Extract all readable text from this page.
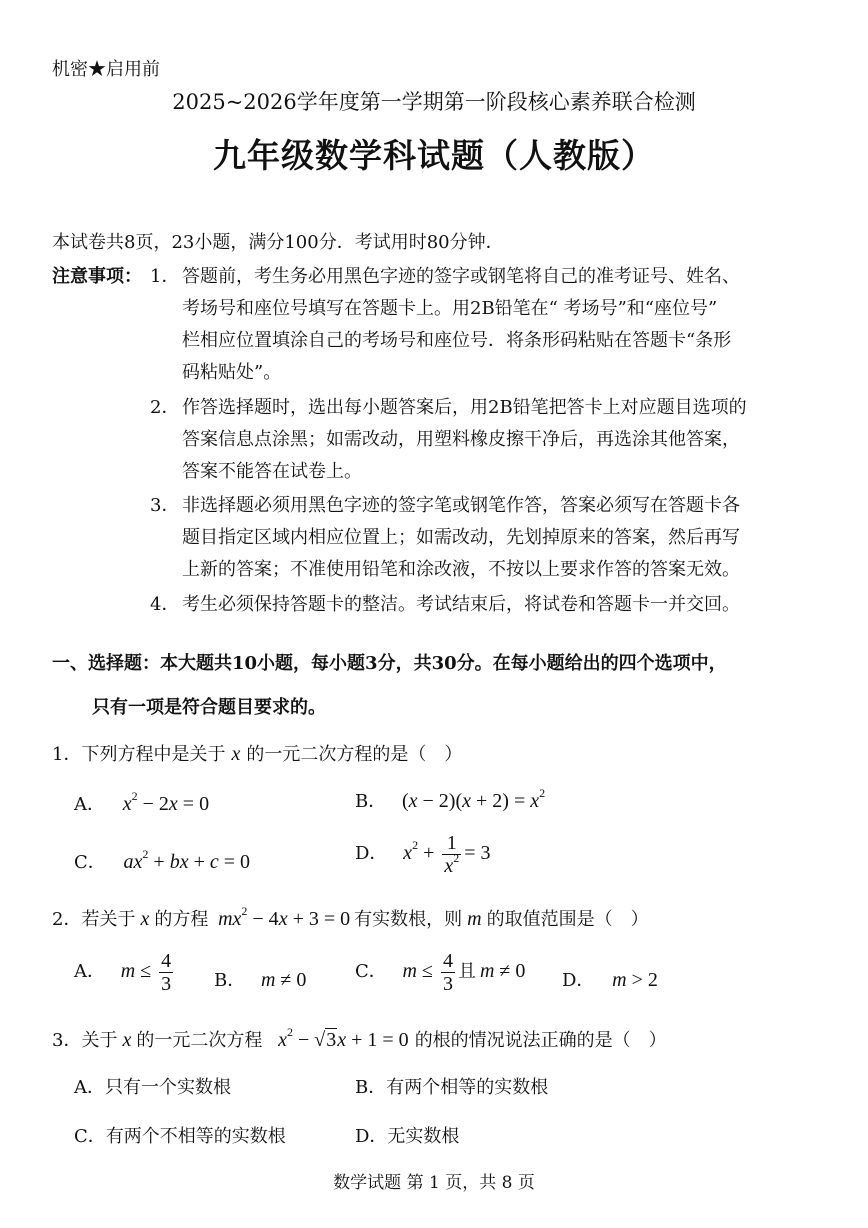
机密★启用前
2025~2026学年度第一学期第一阶段核心素养联合检测
九年级数学科试题（人教版）
本试卷共8页，23小题，满分100分．考试用时80分钟．
注意事项： 1． 答题前，考生务必用黑色字迹的签字或钢笔将自己的准考证号、姓名、
考场号和座位号填写在答题卡上。用2B铅笔在“ 考场号”和“座位号”
栏相应位置填涂自己的考场号和座位号．将条形码粘贴在答题卡“条形
码粘贴处”。
2． 作答选择题时，选出每小题答案后，用2B铅笔把答卡上对应题目选项的
答案信息点涂黑；如需改动，用塑料橡皮擦干净后，再选涂其他答案，
答案不能答在试卷上。
3． 非选择题必须用黑色字迹的签字笔或钢笔作答，答案必须写在答题卡各
题目指定区域内相应位置上；如需改动，先划掉原来的答案，然后再写
上新的答案；不准使用铅笔和涂改液，不按以上要求作答的答案无效。
4． 考生必须保持答题卡的整洁。考试结束后，将试卷和答题卡一并交回。
一、选择题：本大题共10小题，每小题3分，共30分。在每小题给出的四个选项中，
只有一项是符合题目要求的。
1．下列方程中是关于 x 的一元二次方程的是（　）
A． $x^2 - 2x = 0$	B． $(x - 2)(x + 2) = x^2$
C． $ax^2$ + bx + c = 0	D． $x^2 + \frac{1}{x^2} = 3$
2．若关于 x 的方程 $mx^2 - 4x + 3 = 0$ 有实数根，则 m 的取值范围是（　）
A． $m \le \frac{4}{3}$ B． m ≠ 0	C． $m \le \frac{4}{3}$ 且 m ≠ 0 D． m > 2
3．关于 x 的一元二次方程 $x^2 - √3x + 1 = 0$ 的根的情况说法正确的是（　）
A．只有一个实数根	B．有两个相等的实数根
C．有两个不相等的实数根	D．无实数根
数学试题 第 1 页，共 8 页
